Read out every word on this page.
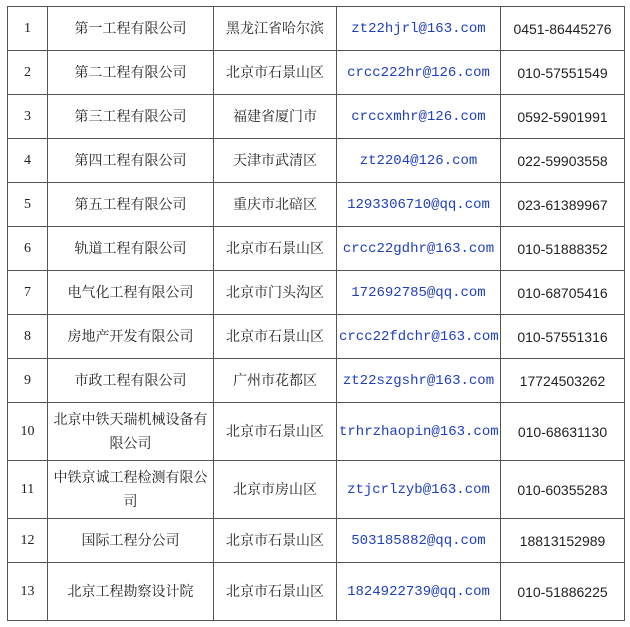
1	第一工程有限公司	黑龙江省哈尔滨	zt22hjrl@163.com	0451-86445276
2	第二工程有限公司	北京市石景山区	crcc222hr@126.com	010-57551549
3	第三工程有限公司	福建省厦门市	crccxmhr@126.com	0592-5901991
4	第四工程有限公司	天津市武清区	zt2204@126.com	022-59903558
5	第五工程有限公司	重庆市北碚区	1293306710@qq.com	023-61389967
6	轨道工程有限公司	北京市石景山区	crcc22gdhr@163.com	010-51888352
7	电气化工程有限公司	北京市门头沟区	172692785@qq.com	010-68705416
8	房地产开发有限公司	北京市石景山区	crcc22fdchr@163.com	010-57551316
9	市政工程有限公司	广州市花都区	zt22szgshr@163.com	17724503262
10	北京中铁天瑞机械设备有限公司	北京市石景山区	trhrzhaopin@163.com	010-68631130
11	中铁京诚工程检测有限公司	北京市房山区	ztjcrlzyb@163.com	010-60355283
12	国际工程分公司	北京市石景山区	503185882@qq.com	18813152989
13	北京工程勘察设计院	北京市石景山区	1824922739@qq.com	010-51886225
